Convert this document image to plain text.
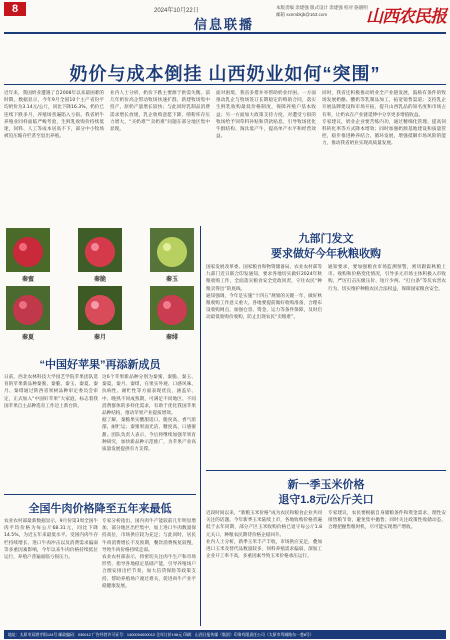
8	2024年10月22日
信息联播
本版责编 余建强 版式设计 余建强 校对 骆晓明 邮箱 sxnmbkjb@163.com	山西农民报
奶价与成本倒挂 山西奶业如何“突围”

近年来，我国奶业遭遇了自2008年以来最困难的时期。数据显示，今年9月全国10个主产省份平均奶价为3.14元/公斤，同比下降16.3%，奶价已连续下跌多月，养殖场普遍陷入亏损。我省奶牛养殖业同样面临严峻考验，生鲜乳收购价持续低迷，饲料、人工等成本居高不下，部分中小牧场被迫压缩存栏甚至退出养殖。

业内人士分析，奶价下跌主要源于供需失衡。前几年奶价高企带动牧场快速扩群，新建牧场集中投产，原奶产量增长较快；与此同时乳制品消费需求增长放缓，乳企收购意愿下降，喷粉库存压力增大，“买奶难”“卖奶难”问题在部分地区集中显现。

面对困境，我省多措并举帮助奶业纾困。一方面推动乳企与牧场签订长期稳定的购销合同，落实生鲜乳收购最低价格制度，保障养殖户基本收益；另一方面加大政策支持力度，对遭受亏损的牧场给予饲草料补贴和贷款贴息，引导牧场优化牛群结构、淘汰低产牛，提高单产水平和经营效益。

同时，我省还积极推动奶业全产业链发展，鼓励有条件的牧场发展奶酪、酸奶等乳制品加工，拓宽销售渠道；支持乳企开展品牌建设和市场开拓，提升山西乳品的知名度和市场占有率，让奶农在产业链延伸中分享更多增值收益。

专家建议，奶业企业要苦练内功，通过精细化管理、提高饲料转化率等方式降本增效；同时加强奶源基地建设和质量管控，稳步推进种养结合、循环发展，增强抵御市场风险的能力，推动我省奶业实现高质量发展。

秦蜜	秦脆	秦玉
秦夏	秦月	秦绯
“中国好苹果”再添新成员

日前，西北农林科技大学园艺学院苹果团队选育的苹果新品种秦蜜、秦脆、秦玉、秦夏、秦月、秦绯通过陕西省果树品种审定委员会审定，正式加入“中国好苹果”大家庭，标志着我国苹果自主品种选育工作迈上新台阶。

这6个苹果新品种分别为秦蜜、秦脆、秦玉、秦夏、秦月、秦绯，在果实外观、口感风味、抗病性、耐贮性等方面表现优良，涵盖早、中、晚熟不同成熟期，可满足不同地区、不同消费群体的多样化需求，有助于优化我国苹果品种结构，推动苹果产业提质增效。

据了解，秦脆果实酸甜适口、脆度高、香气浓郁，耐贮运；秦蜜果面光洁、糖度高、口感蜜甜。团队负责人表示，今后将继续加强苹果育种研究，加快新品种示范推广，为苹果产业高质量发展提供有力支撑。

全国牛肉价格降至五年来最低

农业农村部最新数据显示，9月份第3周全国牛肉平均价格为每公斤68.31元，同比下降14.5%，为近五年来最低水平。受国内肉牛存栏持续增长、进口牛肉冲击以及消费需求偏弱等多重因素影响，今年以来牛肉价格持续低位运行，养殖户普遍面临亏损压力。

专家分析指出，国内肉牛产能较前几年明显增加，部分地区出栏集中，加上进口牛肉数量保持高位，市场供应较为充足；与此同时，居民牛肉消费增长不及预期，餐饮消费恢复较慢，导致牛肉价格持续走弱。

农业农村部表示，将密切关注肉牛生产和市场形势，指导各地稳定基础产能，引导养殖场户合理安排出栏节奏，加大信贷保险等政策支持，帮助养殖场户渡过难关，促进肉牛产业平稳健康发展。

九部门发文
要求做好今年秋粮收购

国家发展改革委、国家粮食和物资储备局、农业农村部等九部门近日联合印发通知，要求各地切实做好2024年秋粮收购工作，全面落实粮食安全党政同责，守住农民“种粮卖得出”的底线。

通知强调，今年是实施“十四五”规划的关键一年，做好秋粮收购工作意义重大。各地要提前做好收购准备，合理布设收购网点，加强仓容、资金、运力等条件保障，及时启动最低收购价收购，防止出现农民“卖粮难”。

通知要求，要加强粮食市场监测预警，密切跟踪秋粮上市、收购和价格变化情况，引导多元市场主体积极入市收购，严厉打击压级压价、短斤少两、“打白条”等坑农害农行为，切实维护种粮农民合法权益，保障国家粮食安全。

新一季玉米价格
退守1.8元/公斤关口

近段时间以来，“新粮玉米价格”成为农民和粮食企业共同关注的话题。今年新季玉米陆续上市，各地收购价格普遍低于去年同期，部分产区玉米收购价格已退守每公斤1.8元关口，种粮农民期待价格企稳回升。

业内人士分析，新季玉米丰产丰收，市场供应充足，叠加进口玉米及替代品数量较多，饲料养殖需求偏弱，深加工企业开工率不高，多重因素导致玉米价格承压运行。

专家建议，农民要根据自身储粮条件和资金需求，理性安排售粮节奏，避免集中抛售；同时关注政策性收储动态，合理把握售粮时机，尽可能实现增产增收。

地址：太原市双塔寺街124号 邮政编码：030012 广告经营许可证号：1400004000012 全年订价198元 印刷：山西日报传媒（集团）印务有限责任公司（太原市坞城路东一巷8号）
